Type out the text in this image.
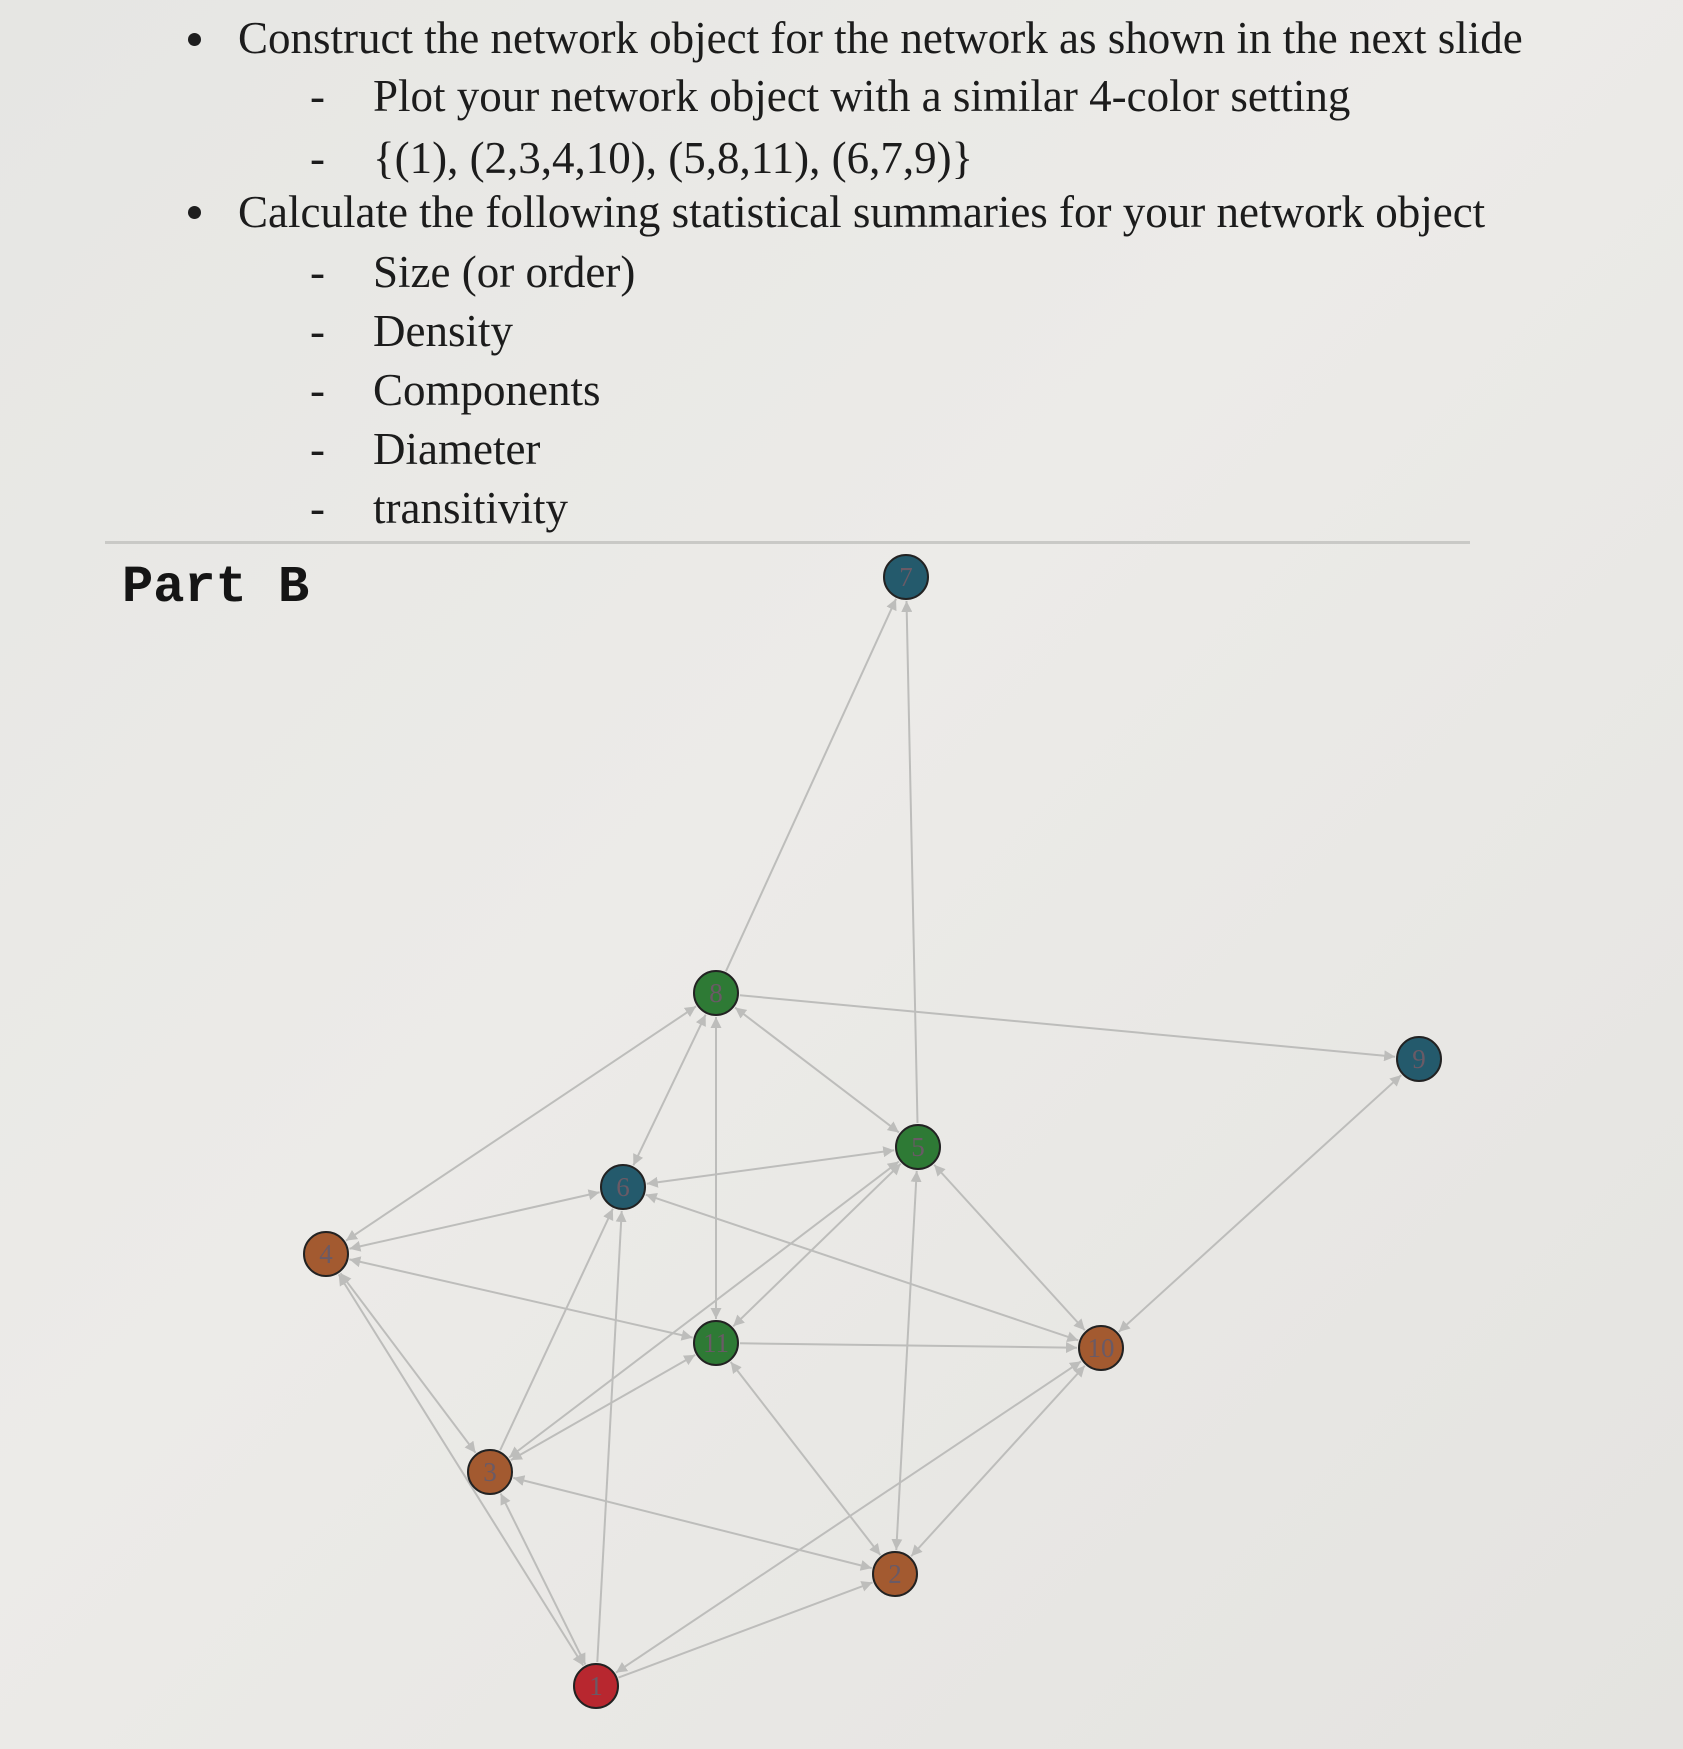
Construct the network object for the network as shown in the next slide
- Plot your network object with a similar 4-color setting
- {(1), (2,3,4,10), (5,8,11), (6,7,9)}
Calculate the following statistical summaries for your network object
- Size (or order)
- Density
- Components
- Diameter
- transitivity
Part B
1
2
3
4
5
6
7
8
9
10
11
